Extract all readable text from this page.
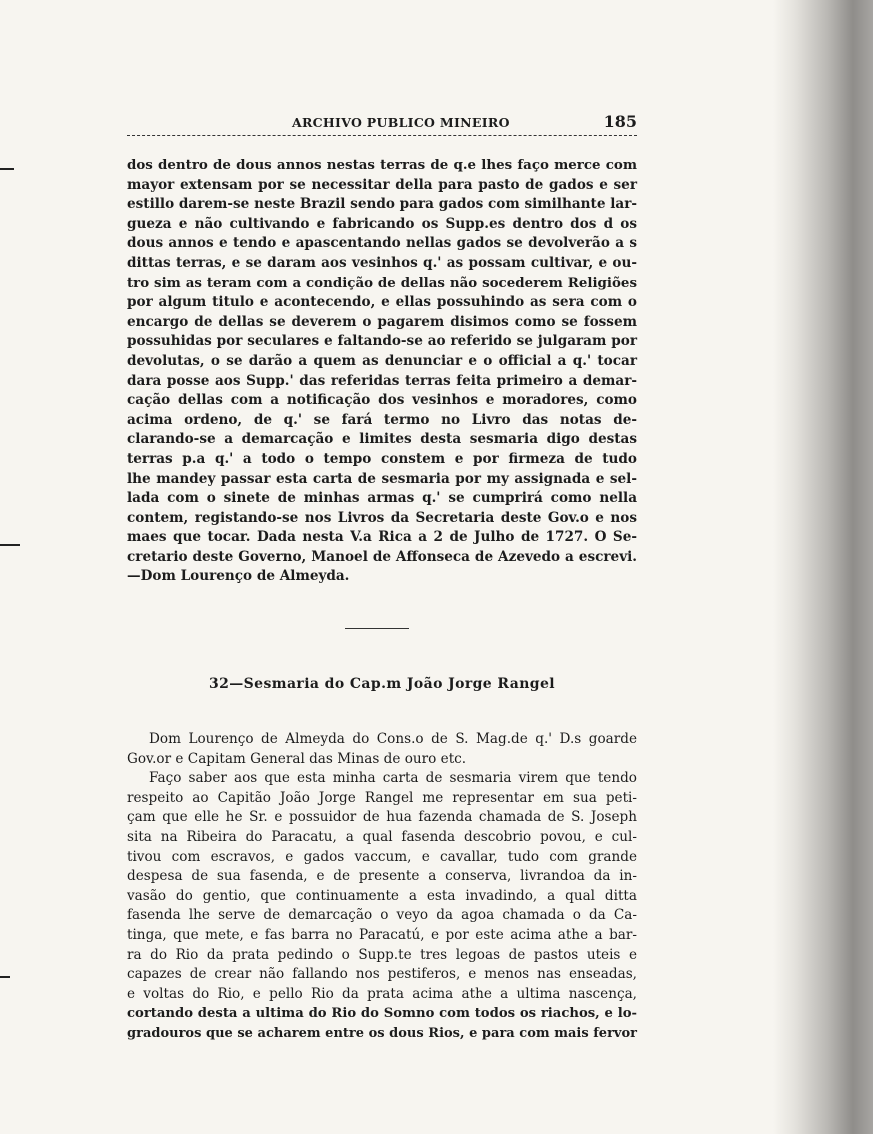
ARCHIVO PUBLICO MINEIRO	185
dos dentro de dous annos nestas terras de q.e lhes faço merce com
mayor extensam por se necessitar della para pasto de gados e ser
estillo darem-se neste Brazil sendo para gados com similhante lar-
gueza e não cultivando e fabricando os Supp.es dentro dos d os
dous annos e tendo e apascentando nellas gados se devolverão a s
dittas terras, e se daram aos vesinhos q.' as possam cultivar, e ou-
tro sim as teram com a condição de dellas não socederem Religiões
por algum titulo e acontecendo, e ellas possuhindo as sera com o
encargo de dellas se deverem o pagarem disimos como se fossem
possuhidas por seculares e faltando-se ao referido se julgaram por
devolutas, o se darão a quem as denunciar e o official a q.' tocar
dara posse aos Supp.' das referidas terras feita primeiro a demar-
cação dellas com a notificação dos vesinhos e moradores, como
acima ordeno, de q.' se fará termo no Livro das notas de-
clarando-se a demarcação e limites desta sesmaria digo destas
terras p.a q.' a todo o tempo constem e por firmeza de tudo
lhe mandey passar esta carta de sesmaria por my assignada e sel-
lada com o sinete de minhas armas q.' se cumprirá como nella
contem, registando-se nos Livros da Secretaria deste Gov.o e nos
maes que tocar. Dada nesta V.a Rica a 2 de Julho de 1727. O Se-
cretario deste Governo, Manoel de Affonseca de Azevedo a escrevi.
—Dom Lourenço de Almeyda.
32—Sesmaria do Cap.m João Jorge Rangel
Dom Lourenço de Almeyda do Cons.o de S. Mag.de q.' D.s goarde
Gov.or e Capitam General das Minas de ouro etc.
Faço saber aos que esta minha carta de sesmaria virem que tendo
respeito ao Capitão João Jorge Rangel me representar em sua peti-
çam que elle he Sr. e possuidor de hua fazenda chamada de S. Joseph
sita na Ribeira do Paracatu, a qual fasenda descobrio povou, e cul-
tivou com escravos, e gados vaccum, e cavallar, tudo com grande
despesa de sua fasenda, e de presente a conserva, livrandoa da in-
vasão do gentio, que continuamente a esta invadindo, a qual ditta
fasenda lhe serve de demarcação o veyo da agoa chamada o da Ca-
tinga, que mete, e fas barra no Paracatú, e por este acima athe a bar-
ra do Rio da prata pedindo o Supp.te tres legoas de pastos uteis e
capazes de crear não fallando nos pestiferos, e menos nas enseadas,
e voltas do Rio, e pello Rio da prata acima athe a ultima nascença,
cortando desta a ultima do Rio do Somno com todos os riachos, e lo-
gradouros que se acharem entre os dous Rios, e para com mais fervor
